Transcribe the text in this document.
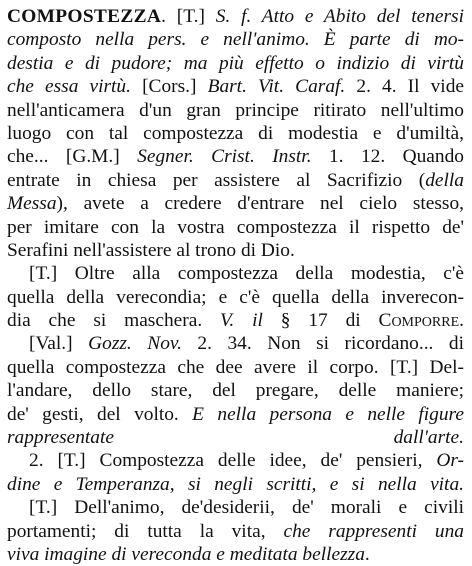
COMPOSTEZZA. [T.] S. f. Atto e Abito del tenersi
composto nella pers. e nell'animo. È parte di mo-
destia e di pudore; ma più effetto o indizio di virtù
che essa virtù. [Cors.] Bart. Vit. Caraf. 2. 4. Il vide
nell'anticamera d'un gran principe ritirato nell'ultimo
luogo con tal compostezza di modestia e d'umiltà,
che... [G.M.] Segner. Crist. Instr. 1. 12. Quando
entrate in chiesa per assistere al Sacrifizio (della
Messa), avete a credere d'entrare nel cielo stesso,
per imitare con la vostra compostezza il rispetto de'
Serafini nell'assistere al trono di Dio.
[T.] Oltre alla compostezza della modestia, c'è
quella della verecondia; e c'è quella della inverecon-
dia che si maschera. V. il § 17 di Comporre.
[Val.] Gozz. Nov. 2. 34. Non si ricordano... di
quella compostezza che dee avere il corpo. [T.] Del-
l'andare, dello stare, del pregare, delle maniere;
de' gesti, del volto. E nella persona e nelle figure
rappresentate dall'arte.
2. [T.] Compostezza delle idee, de' pensieri, Or-
dine e Temperanza, si negli scritti, e si nella vita.
[T.] Dell'animo, de'desiderii, de' morali e civili
portamenti; di tutta la vita, che rappresenti una
viva imagine di vereconda e meditata bellezza.
